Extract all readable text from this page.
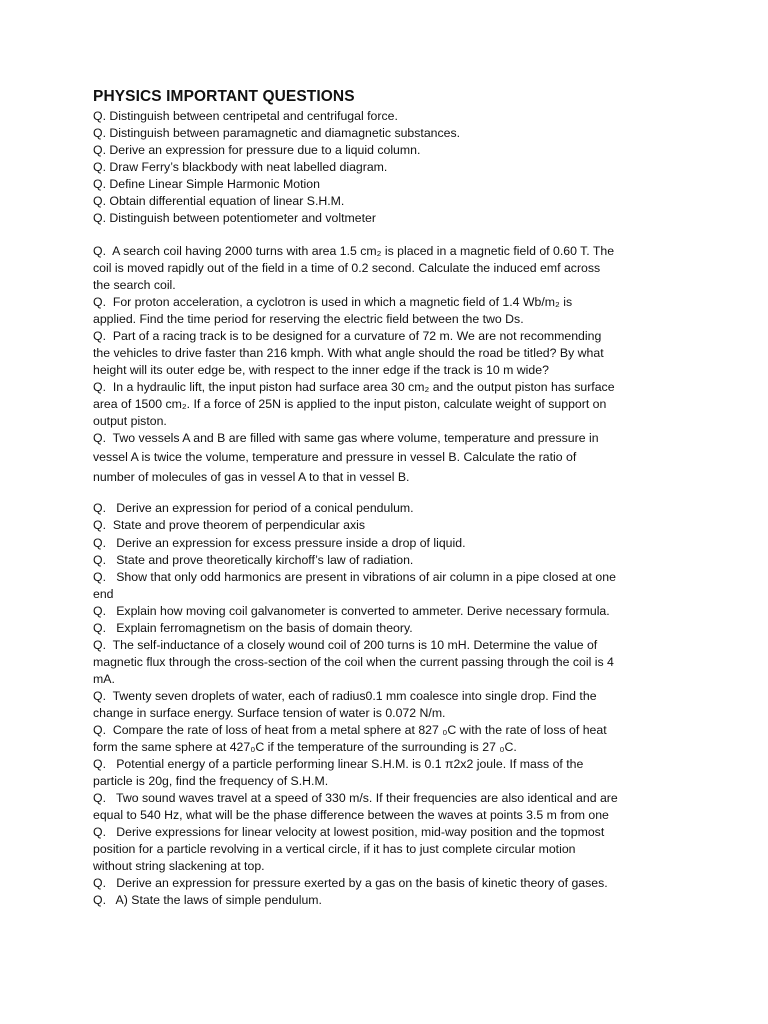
PHYSICS IMPORTANT QUESTIONS
Q. Distinguish between centripetal and centrifugal force.
Q. Distinguish between paramagnetic and diamagnetic substances.
Q. Derive an expression for pressure due to a liquid column.
Q. Draw Ferry’s blackbody with neat labelled diagram.
Q. Define Linear Simple Harmonic Motion
Q. Obtain differential equation of linear S.H.M.
Q. Distinguish between potentiometer and voltmeter
Q.  A search coil having 2000 turns with area 1.5 cm₂ is placed in a magnetic field of 0.60 T. The
coil is moved rapidly out of the field in a time of 0.2 second. Calculate the induced emf across
the search coil.
Q.  For proton acceleration, a cyclotron is used in which a magnetic field of 1.4 Wb/m₂ is
applied. Find the time period for reserving the electric field between the two Ds.
Q.  Part of a racing track is to be designed for a curvature of 72 m. We are not recommending
the vehicles to drive faster than 216 kmph. With what angle should the road be titled? By what
height will its outer edge be, with respect to the inner edge if the track is 10 m wide?
Q.  In a hydraulic lift, the input piston had surface area 30 cm₂ and the output piston has surface
area of 1500 cm₂. If a force of 25N is applied to the input piston, calculate weight of support on
output piston.
Q.  Two vessels A and B are filled with same gas where volume, temperature and pressure in
vessel A is twice the volume, temperature and pressure in vessel B. Calculate the ratio of
number of molecules of gas in vessel A to that in vessel B.
Q.   Derive an expression for period of a conical pendulum.
Q.  State and prove theorem of perpendicular axis
Q.   Derive an expression for excess pressure inside a drop of liquid.
Q.   State and prove theoretically kirchoff’s law of radiation.
Q.   Show that only odd harmonics are present in vibrations of air column in a pipe closed at one
end
Q.   Explain how moving coil galvanometer is converted to ammeter. Derive necessary formula.
Q.   Explain ferromagnetism on the basis of domain theory.
Q.  The self-inductance of a closely wound coil of 200 turns is 10 mH. Determine the value of
magnetic flux through the cross-section of the coil when the current passing through the coil is 4
mA.
Q.  Twenty seven droplets of water, each of radius0.1 mm coalesce into single drop. Find the
change in surface energy. Surface tension of water is 0.072 N/m.
Q.  Compare the rate of loss of heat from a metal sphere at 827 ₀C with the rate of loss of heat
form the same sphere at 427₀C if the temperature of the surrounding is 27 ₀C.
Q.   Potential energy of a particle performing linear S.H.M. is 0.1 π2x2 joule. If mass of the
particle is 20g, find the frequency of S.H.M.
Q.   Two sound waves travel at a speed of 330 m/s. If their frequencies are also identical and are
equal to 540 Hz, what will be the phase difference between the waves at points 3.5 m from one
Q.   Derive expressions for linear velocity at lowest position, mid-way position and the topmost
position for a particle revolving in a vertical circle, if it has to just complete circular motion
without string slackening at top.
Q.   Derive an expression for pressure exerted by a gas on the basis of kinetic theory of gases.
Q.   A) State the laws of simple pendulum.
